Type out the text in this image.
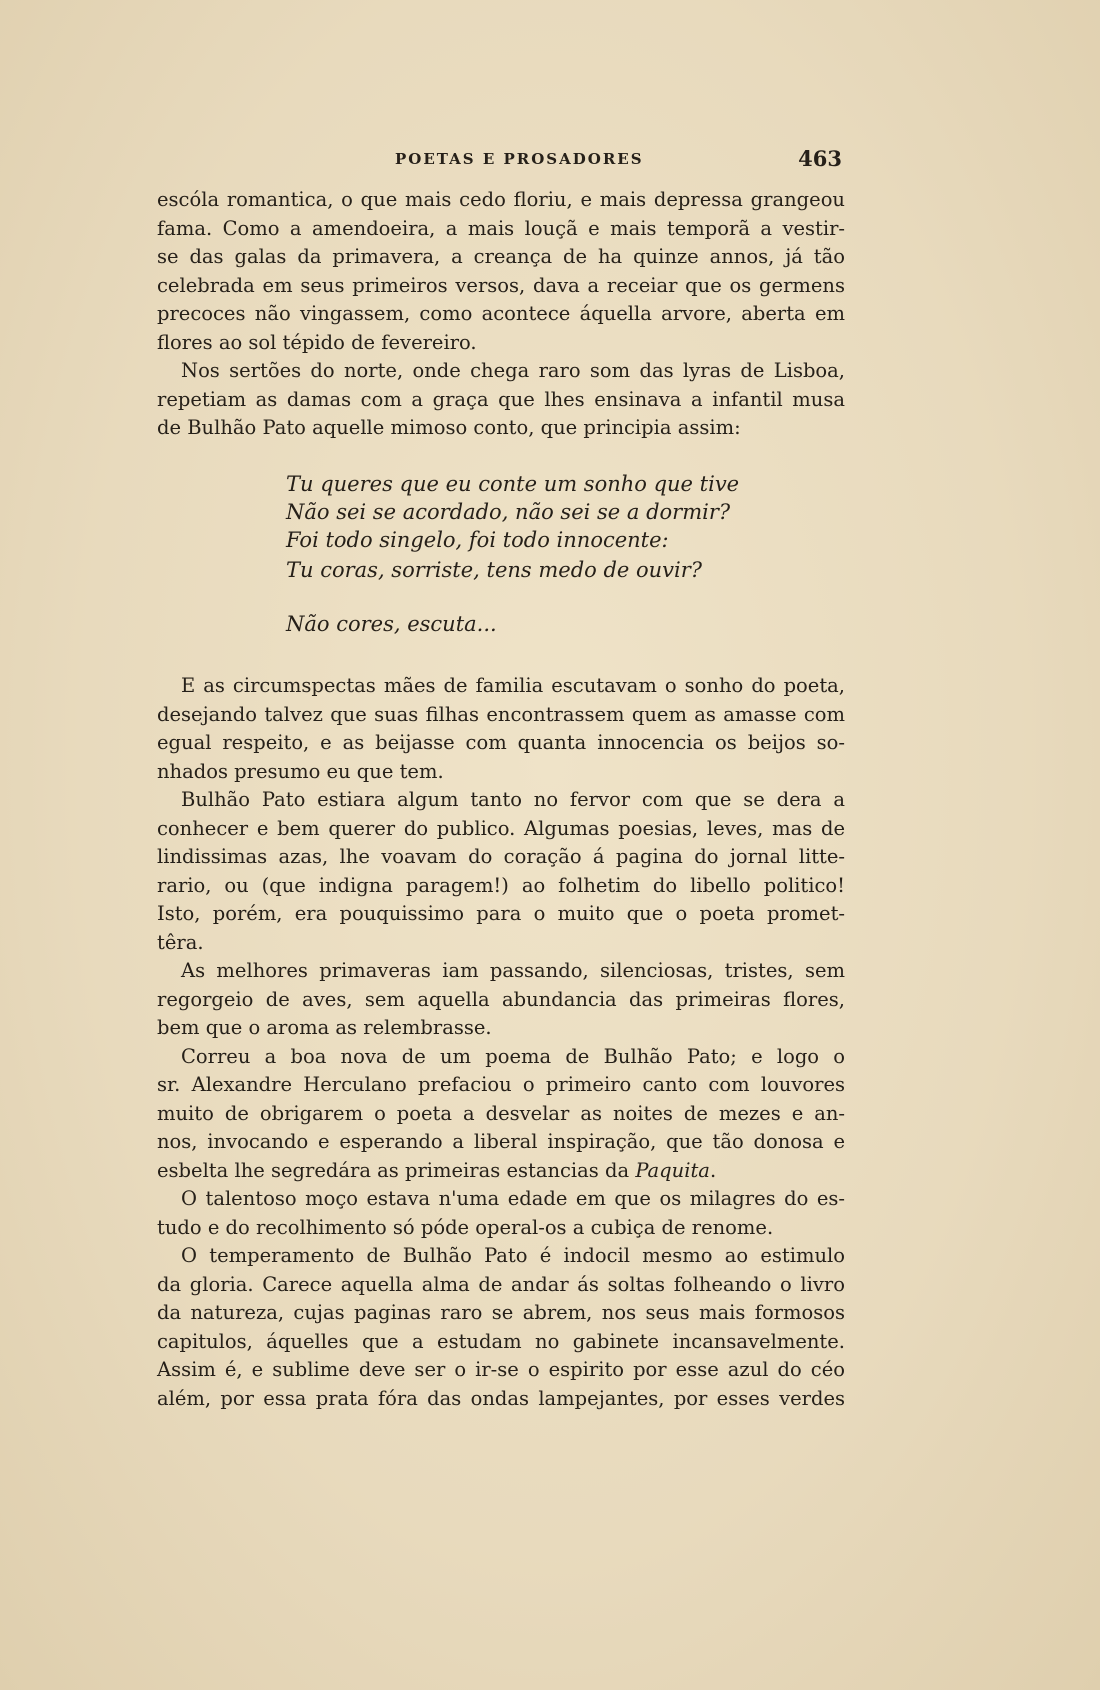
POETAS E PROSADORES	463
escóla romantica, o que mais cedo floriu, e mais depressa grangeou
fama. Como a amendoeira, a mais louçã e mais temporã a vestir-
se das galas da primavera, a creança de ha quinze annos, já tão
celebrada em seus primeiros versos, dava a receiar que os germens
precoces não vingassem, como acontece áquella arvore, aberta em
flores ao sol tépido de fevereiro.
Nos sertões do norte, onde chega raro som das lyras de Lisboa,
repetiam as damas com a graça que lhes ensinava a infantil musa
de Bulhão Pato aquelle mimoso conto, que principia assim:
Tu queres que eu conte um sonho que tive
Não sei se acordado, não sei se a dormir?
Foi todo singelo, foi todo innocente:
Tu coras, sorriste, tens medo de ouvir?
Não cores, escuta...
E as circumspectas mães de familia escutavam o sonho do poeta,
desejando talvez que suas filhas encontrassem quem as amasse com
egual respeito, e as beijasse com quanta innocencia os beijos so-
nhados presumo eu que tem.
Bulhão Pato estiara algum tanto no fervor com que se dera a
conhecer e bem querer do publico. Algumas poesias, leves, mas de
lindissimas azas, lhe voavam do coração á pagina do jornal litte-
rario, ou (que indigna paragem!) ao folhetim do libello politico!
Isto, porém, era pouquissimo para o muito que o poeta promet-
têra.
As melhores primaveras iam passando, silenciosas, tristes, sem
regorgeio de aves, sem aquella abundancia das primeiras flores,
bem que o aroma as relembrasse.
Correu a boa nova de um poema de Bulhão Pato; e logo o
sr. Alexandre Herculano prefaciou o primeiro canto com louvores
muito de obrigarem o poeta a desvelar as noites de mezes e an-
nos, invocando e esperando a liberal inspiração, que tão donosa e
esbelta lhe segredára as primeiras estancias da Paquita.
O talentoso moço estava n'uma edade em que os milagres do es-
tudo e do recolhimento só póde operal-os a cubiça de renome.
O temperamento de Bulhão Pato é indocil mesmo ao estimulo
da gloria. Carece aquella alma de andar ás soltas folheando o livro
da natureza, cujas paginas raro se abrem, nos seus mais formosos
capitulos, áquelles que a estudam no gabinete incansavelmente.
Assim é, e sublime deve ser o ir-se o espirito por esse azul do céo
além, por essa prata fóra das ondas lampejantes, por esses verdes
